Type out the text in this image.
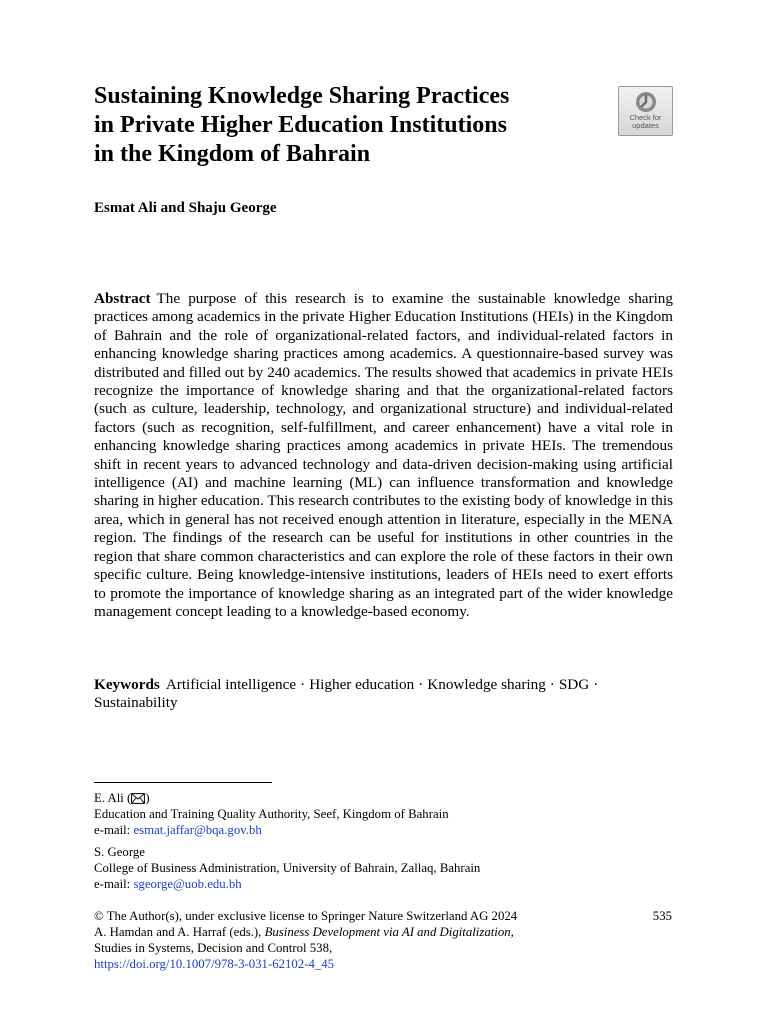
Sustaining Knowledge Sharing Practices
in Private Higher Education Institutions
in the Kingdom of Bahrain
Check for
updates
Esmat Ali and Shaju George
Abstract The purpose of this research is to examine the sustainable knowledge sharing practices among academics in the private Higher Education Institutions (HEIs) in the Kingdom of Bahrain and the role of organizational-related factors, and individual-related factors in enhancing knowledge sharing practices among academics. A questionnaire-based survey was distributed and filled out by 240 academics. The results showed that academics in private HEIs recognize the importance of knowledge sharing and that the organizational-related factors (such as culture, leadership, technology, and organizational structure) and individual-related factors (such as recognition, self-fulfillment, and career enhancement) have a vital role in enhancing knowledge sharing practices among academics in private HEIs. The tremendous shift in recent years to advanced technology and data-driven decision-making using artificial intelligence (AI) and machine learning (ML) can influence transformation and knowledge sharing in higher education. This research contributes to the existing body of knowledge in this area, which in general has not received enough attention in literature, especially in the MENA region. The findings of the research can be useful for institutions in other countries in the region that share common characteristics and can explore the role of these factors in their own specific culture. Being knowledge-intensive institutions, leaders of HEIs need to exert efforts to promote the importance of knowledge sharing as an integrated part of the wider knowledge management concept leading to a knowledge-based economy.
Keywords Artificial intelligence · Higher education · Knowledge sharing · SDG ·
Sustainability
E. Ali ( )
Education and Training Quality Authority, Seef, Kingdom of Bahrain
e-mail: esmat.jaffar@bqa.gov.bh
S. George
College of Business Administration, University of Bahrain, Zallaq, Bahrain
e-mail: sgeorge@uob.edu.bh
© The Author(s), under exclusive license to Springer Nature Switzerland AG 2024
A. Hamdan and A. Harraf (eds.), Business Development via AI and Digitalization,
Studies in Systems, Decision and Control 538,
https://doi.org/10.1007/978-3-031-62102-4_45
535
